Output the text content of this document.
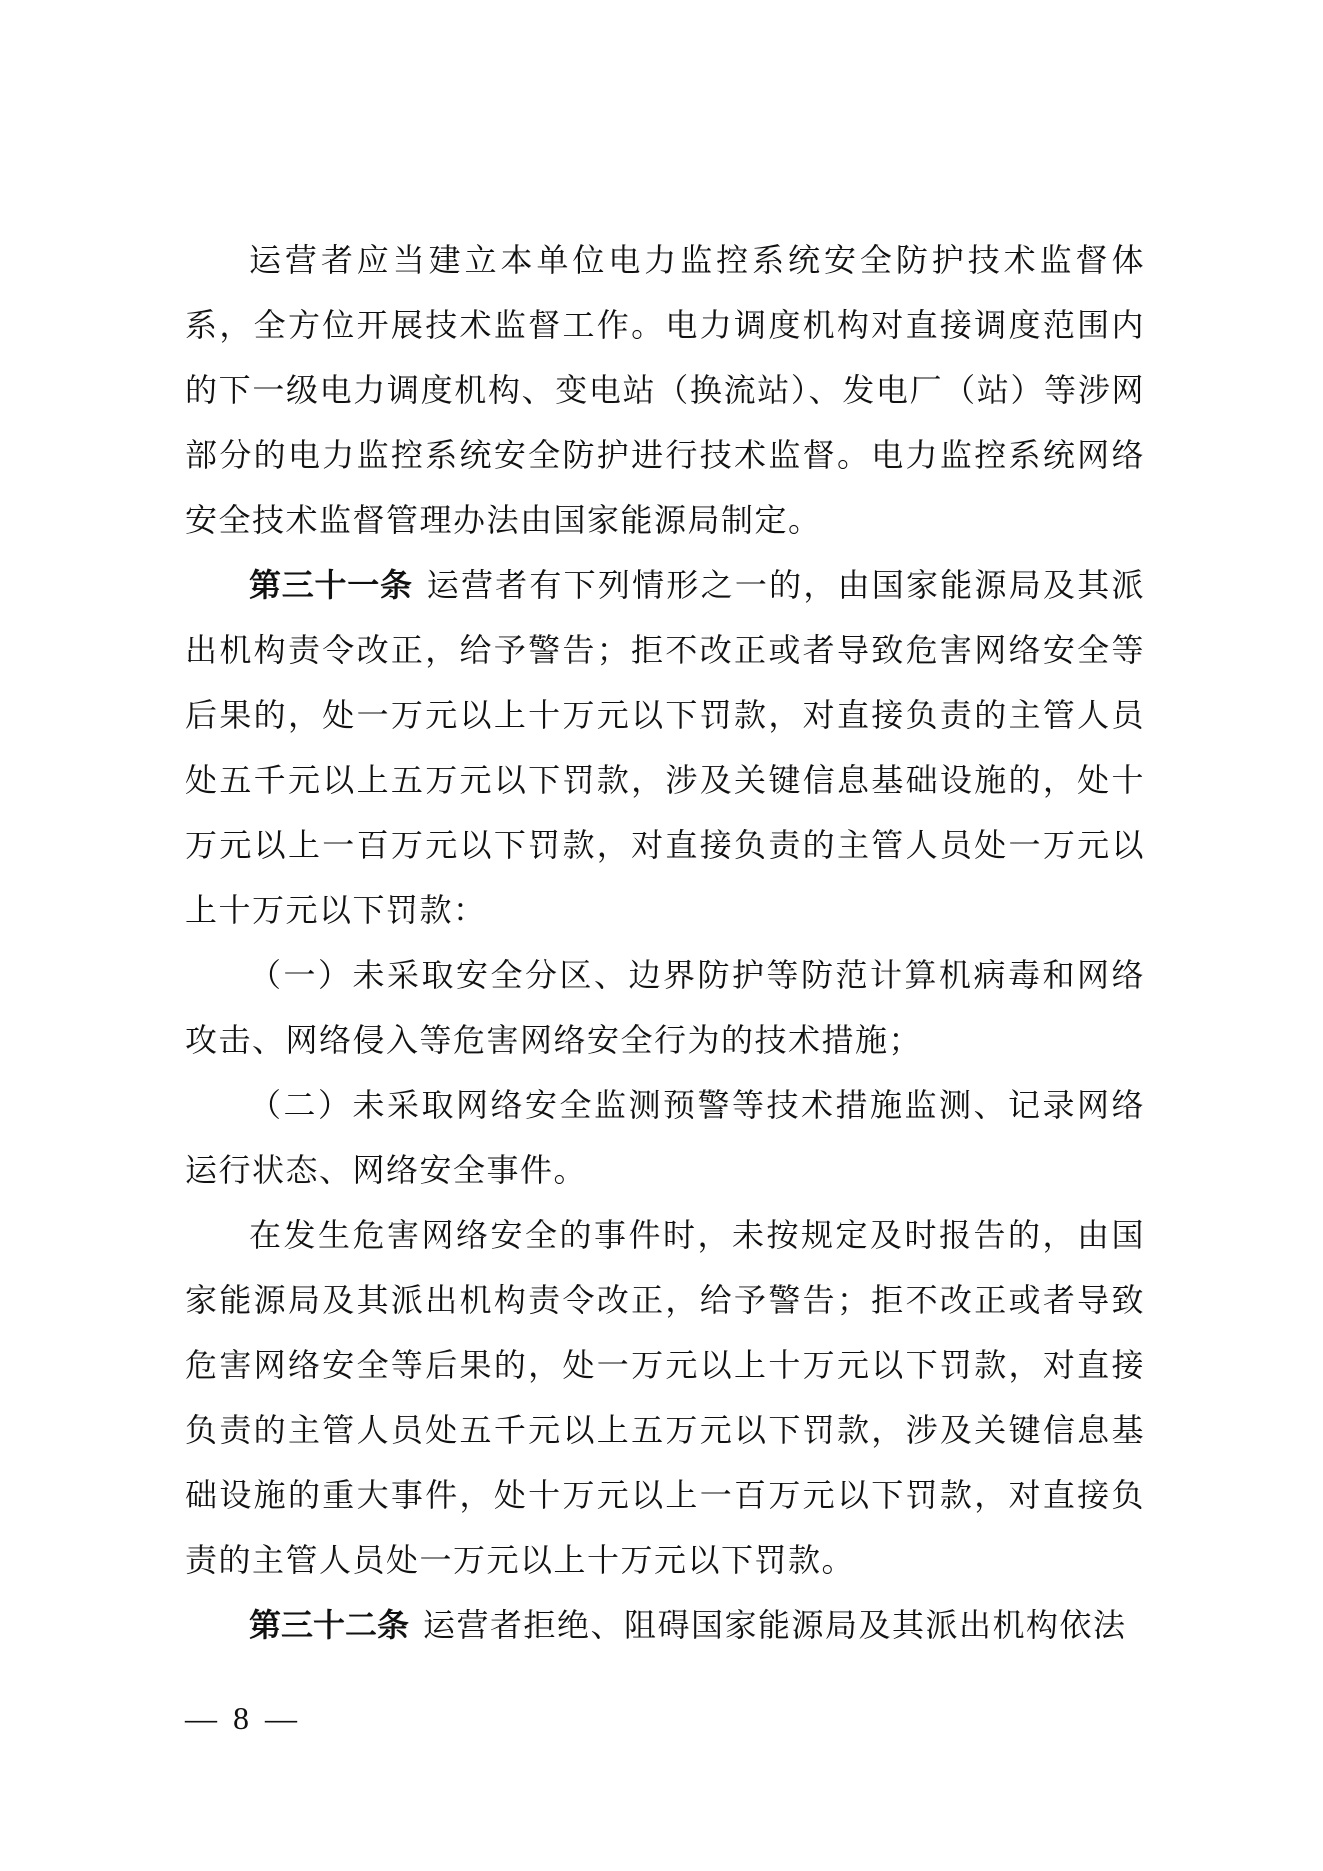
运营者应当建立本单位电力监控系统安全防护技术监督体系，全方位开展技术监督工作。电力调度机构对直接调度范围内的下一级电力调度机构、变电站（换流站）、发电厂（站）等涉网部分的电力监控系统安全防护进行技术监督。电力监控系统网络安全技术监督管理办法由国家能源局制定。

第三十一条 运营者有下列情形之一的，由国家能源局及其派出机构责令改正，给予警告；拒不改正或者导致危害网络安全等后果的，处一万元以上十万元以下罚款，对直接负责的主管人员处五千元以上五万元以下罚款，涉及关键信息基础设施的，处十万元以上一百万元以下罚款，对直接负责的主管人员处一万元以上十万元以下罚款：

（一）未采取安全分区、边界防护等防范计算机病毒和网络攻击、网络侵入等危害网络安全行为的技术措施；

（二）未采取网络安全监测预警等技术措施监测、记录网络运行状态、网络安全事件。

在发生危害网络安全的事件时，未按规定及时报告的，由国家能源局及其派出机构责令改正，给予警告；拒不改正或者导致危害网络安全等后果的，处一万元以上十万元以下罚款，对直接负责的主管人员处五千元以上五万元以下罚款，涉及关键信息基础设施的重大事件，处十万元以上一百万元以下罚款，对直接负责的主管人员处一万元以上十万元以下罚款。

第三十二条 运营者拒绝、阻碍国家能源局及其派出机构依法

— 8 —
